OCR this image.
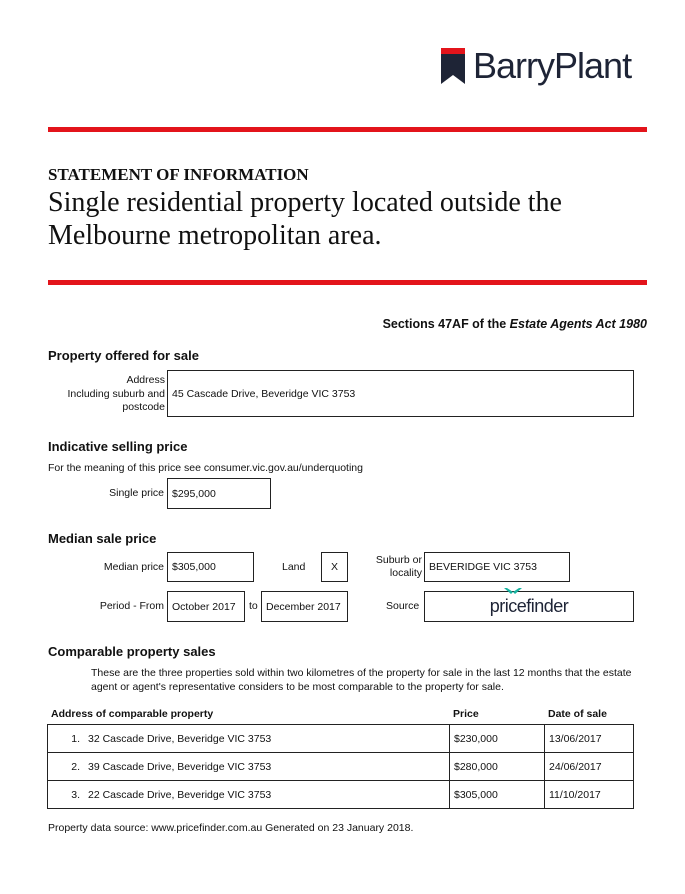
BarryPlant
STATEMENT OF INFORMATION
Single residential property located outside the Melbourne metropolitan area.
Sections 47AF of the Estate Agents Act 1980
Property offered for sale
Address
Including suburb and
postcode
45 Cascade Drive, Beveridge VIC 3753
Indicative selling price
For the meaning of this price see consumer.vic.gov.au/underquoting
Single price $295,000
Median sale price
Median price $305,000	Land X
Suburb or
locality BEVERIDGE VIC 3753
Period - From October 2017 to December 2017	Source	pricefinder
Comparable property sales
These are the three properties sold within two kilometres of the property for sale in the last 12 months that the estate agent or agent's representative considers to be most comparable to the property for sale.
Address of comparable property	Price	Date of sale
1. 32 Cascade Drive, Beveridge VIC 3753	$230,000	13/06/2017
2. 39 Cascade Drive, Beveridge VIC 3753	$280,000	24/06/2017
3. 22 Cascade Drive, Beveridge VIC 3753	$305,000	11/10/2017
Property data source: www.pricefinder.com.au Generated on 23 January 2018.
